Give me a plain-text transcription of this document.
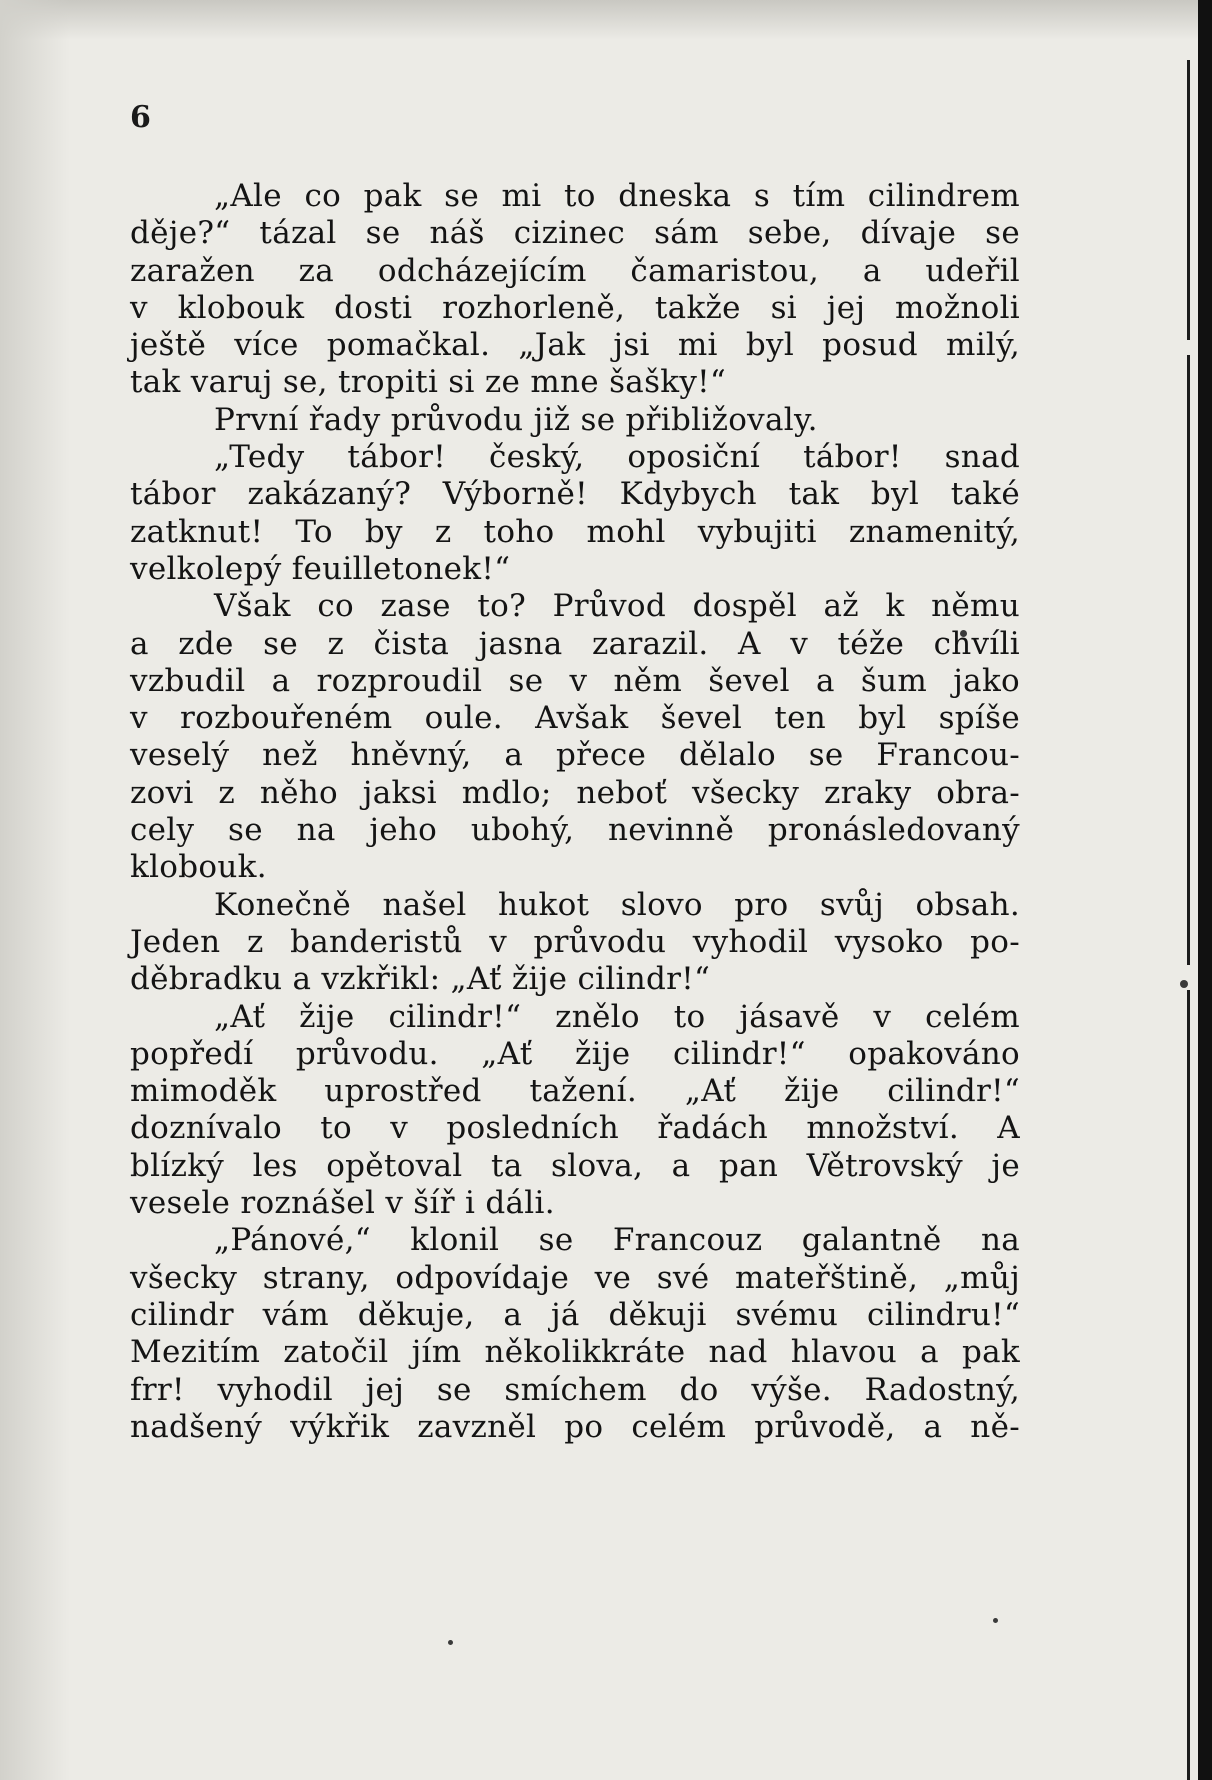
6
„Ale co pak se mi to dneska s tím cilindrem
děje?“ tázal se náš cizinec sám sebe, dívaje se
zaražen za odcházejícím čamaristou, a udeřil
v klobouk dosti rozhorleně, takže si jej možnoli
ještě více pomačkal. „Jak jsi mi byl posud milý,
tak varuj se, tropiti si ze mne šašky!“
První řady průvodu již se přibližovaly.
„Tedy tábor! český, oposiční tábor! snad
tábor zakázaný? Výborně! Kdybych tak byl také
zatknut! To by z toho mohl vybujiti znamenitý,
velkolepý feuilletonek!“
Však co zase to? Průvod dospěl až k němu
a zde se z čista jasna zarazil. A v téže chvíli
vzbudil a rozproudil se v něm ševel a šum jako
v rozbouřeném oule. Avšak ševel ten byl spíše
veselý než hněvný, a přece dělalo se Francou-
zovi z něho jaksi mdlo; neboť všecky zraky obra-
cely se na jeho ubohý, nevinně pronásledovaný
klobouk.
Konečně našel hukot slovo pro svůj obsah.
Jeden z banderistů v průvodu vyhodil vysoko po-
děbradku a vzkřikl: „Ať žije cilindr!“
„Ať žije cilindr!“ znělo to jásavě v celém
popředí průvodu. „Ať žije cilindr!“ opakováno
mimoděk uprostřed tažení. „Ať žije cilindr!“
doznívalo to v posledních řadách množství. A
blízký les opětoval ta slova, a pan Větrovský je
vesele roznášel v šíř i dáli.
„Pánové,“ klonil se Francouz galantně na
všecky strany, odpovídaje ve své mateřštině, „můj
cilindr vám děkuje, a já děkuji svému cilindru!“
Mezitím zatočil jím několikkráte nad hlavou a pak
frr! vyhodil jej se smíchem do výše. Radostný,
nadšený výkřik zavzněl po celém průvodě, a ně-
